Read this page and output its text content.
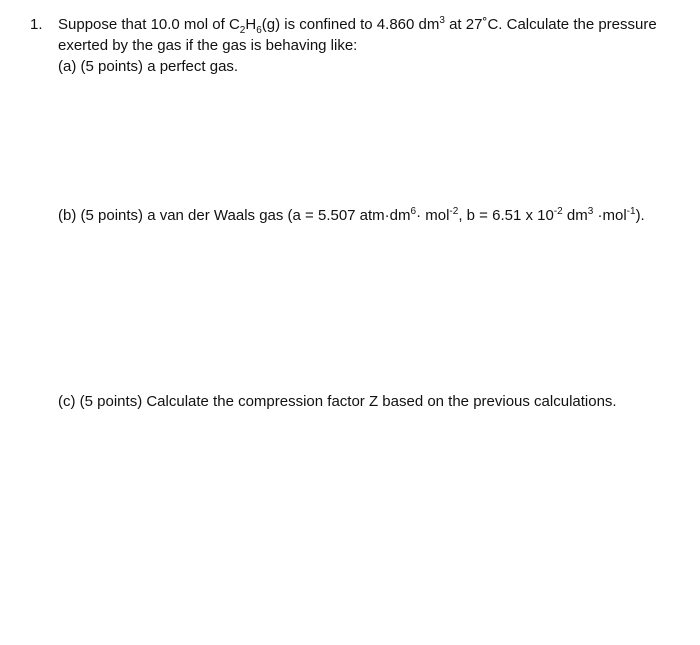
1.	Suppose that 10.0 mol of $C_2H_6(g)$ is confined to 4.860 $dm^3$ at 27˚C. Calculate the pressure
exerted by the gas if the gas is behaving like:
(a) (5 points) a perfect gas.
(b) (5 points) a van der Waals gas (a = 5.507 $atm\cdot dm^6\cdot mol^{-2}$, b = 6.51 x $10^{-2}$ $dm^3 \cdot mol^{-1}$).
(c) (5 points) Calculate the compression factor Z based on the previous calculations.
